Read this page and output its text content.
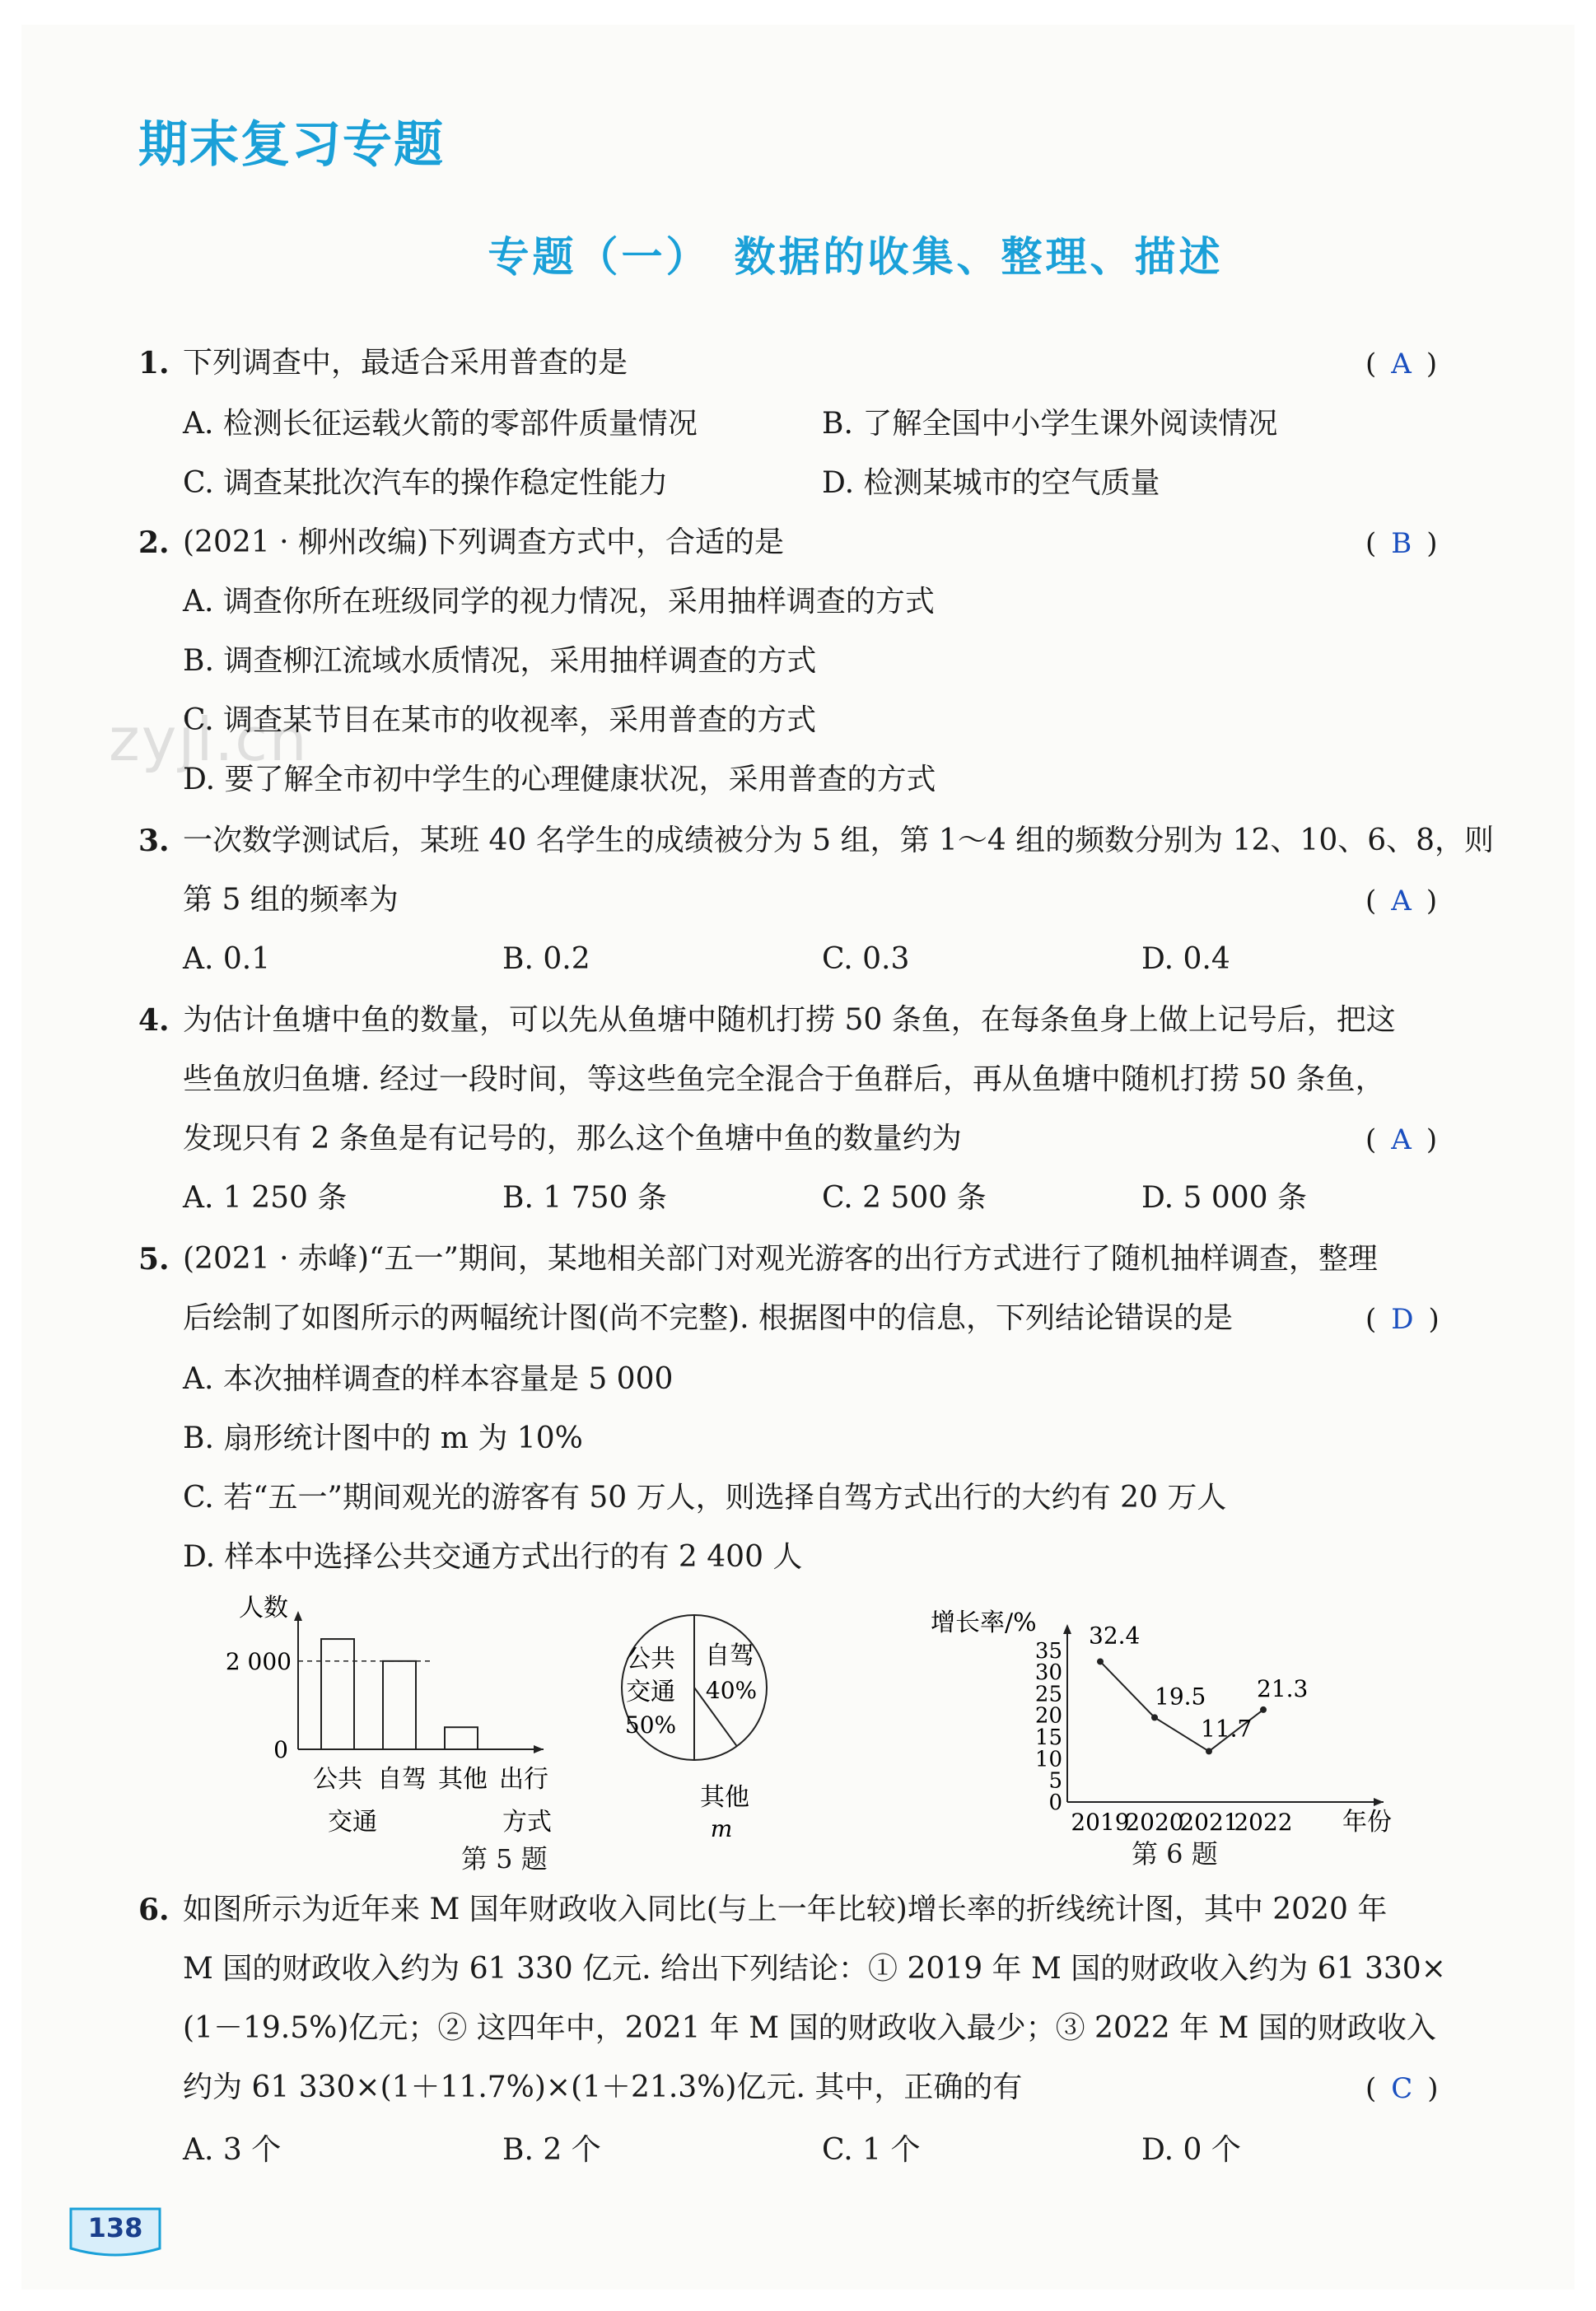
期末复习专题
专题（一）　数据的收集、整理、描述
zyjl.cn
1. 下列调查中，最适合采用普查的是	( A )
A. 检测长征运载火箭的零部件质量情况	B. 了解全国中小学生课外阅读情况
C. 调查某批次汽车的操作稳定性能力	D. 检测某城市的空气质量
2. (2021 · 柳州改编)下列调查方式中，合适的是	( B )
A. 调查你所在班级同学的视力情况，采用抽样调查的方式
B. 调查柳江流域水质情况，采用抽样调查的方式
C. 调查某节目在某市的收视率，采用普查的方式
D. 要了解全市初中学生的心理健康状况，采用普查的方式
3. 一次数学测试后，某班 40 名学生的成绩被分为 5 组，第 1～4 组的频数分别为 12、10、6、8，则
第 5 组的频率为	( A )
A. 0.1	B. 0.2	C. 0.3	D. 0.4
4. 为估计鱼塘中鱼的数量，可以先从鱼塘中随机打捞 50 条鱼，在每条鱼身上做上记号后，把这
些鱼放归鱼塘. 经过一段时间，等这些鱼完全混合于鱼群后，再从鱼塘中随机打捞 50 条鱼，
发现只有 2 条鱼是有记号的，那么这个鱼塘中鱼的数量约为	( A )
A. 1 250 条	B. 1 750 条	C. 2 500 条	D. 5 000 条
5. (2021 · 赤峰)“五一”期间，某地相关部门对观光游客的出行方式进行了随机抽样调查，整理
后绘制了如图所示的两幅统计图(尚不完整). 根据图中的信息，下列结论错误的是	( D )
A. 本次抽样调查的样本容量是 5 000
B. 扇形统计图中的 m 为 10%
C. 若“五一”期间观光的游客有 50 万人，则选择自驾方式出行的大约有 20 万人
D. 样本中选择公共交通方式出行的有 2 400 人
人数
0
2 000
公共
交通
自驾 其他 出行
方式
公共
交通
50%
自驾
40%
其他
m
增长率/%
0
5
10
15
20
25
30
35
2019
2020
2021
2022 年份
32.4
19.5
11.7
21.3
第 5 题	第 6 题
6. 如图所示为近年来 M 国年财政收入同比(与上一年比较)增长率的折线统计图，其中 2020 年
M 国的财政收入约为 61 330 亿元. 给出下列结论：① 2019 年 M 国的财政收入约为 61 330×
(1－19.5%)亿元；② 这四年中，2021 年 M 国的财政收入最少；③ 2022 年 M 国的财政收入
约为 61 330×(1＋11.7%)×(1＋21.3%)亿元. 其中，正确的有	( C )
A. 3 个	B. 2 个	C. 1 个	D. 0 个
138
